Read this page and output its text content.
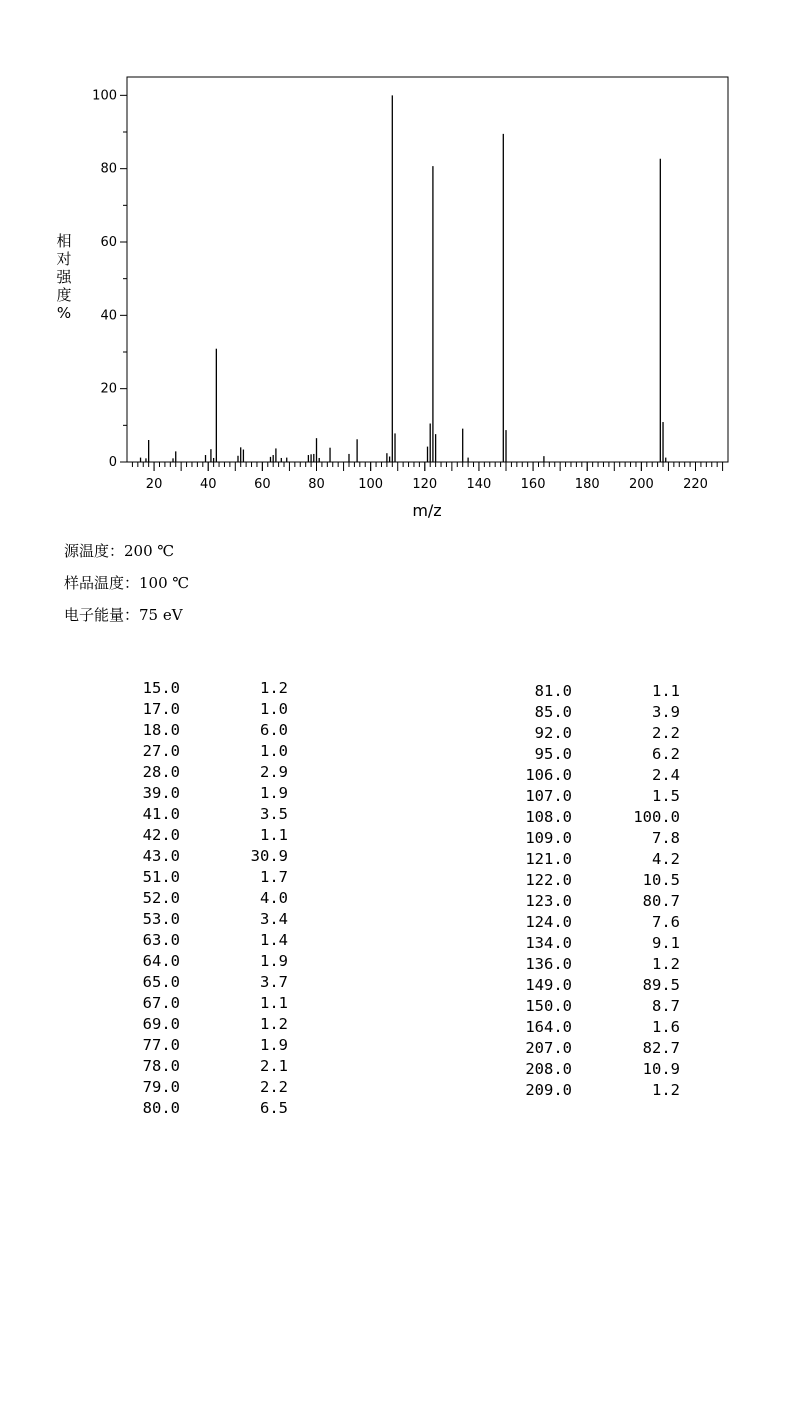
20	40	60	80	100 120 140 160 180 200 220
0
20
40
60
80
100
m/z
相对强度%
源温度：200 ℃
样品温度：100 ℃
电子能量：75 eV
15.0	1.2
17.0	1.0
18.0	6.0
27.0	1.0
28.0	2.9
39.0	1.9
41.0	3.5
42.0	1.1
43.0	30.9
51.0	1.7
52.0	4.0
53.0	3.4
63.0	1.4
64.0	1.9
65.0	3.7
67.0	1.1
69.0	1.2
77.0	1.9
78.0	2.1
79.0	2.2
80.0	6.5
81.0	1.1
85.0	3.9
92.0	2.2
95.0	6.2
106.0	2.4
107.0	1.5
108.0	100.0
109.0	7.8
121.0	4.2
122.0	10.5
123.0	80.7
124.0	7.6
134.0	9.1
136.0	1.2
149.0	89.5
150.0	8.7
164.0	1.6
207.0	82.7
208.0	10.9
209.0	1.2
